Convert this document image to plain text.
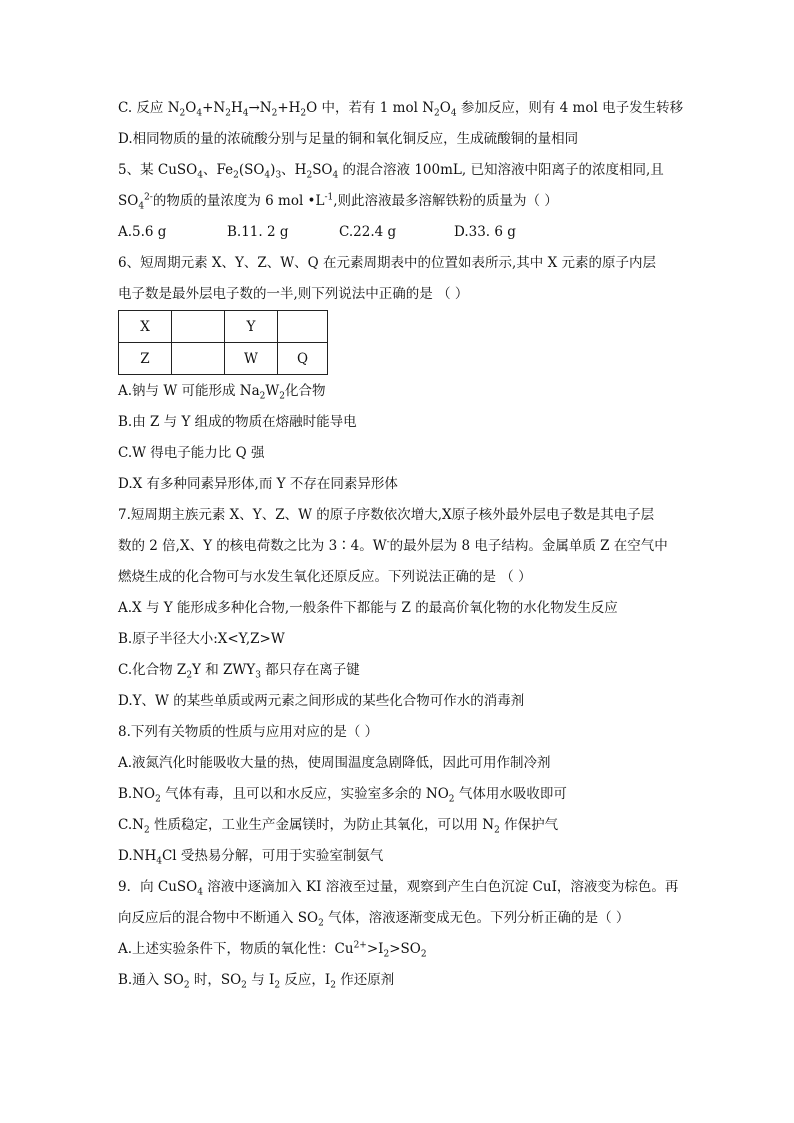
C. 反应 $N_2O_4+N_2H_4\to N_2+H_2O$ 中，若有 1 mol $N_2O_4$ 参加反应，则有 4 mol 电子发生转移
D.相同物质的量的浓硫酸分别与足量的铜和氧化铜反应，生成硫酸铜的量相同
5、某 CuSO$_4$、$Fe_2(SO_4)_3$、$H_2SO_4$ 的混合溶液 100mL, 已知溶液中阳离子的浓度相同,且
$SO_4^{2-}$的物质的量浓度为 6 mol $•L^{-1}$,则此溶液最多溶解铁粉的质量为（ ）
A.5.6 g	B.11. 2 g	C.22.4 g	D.33. 6 g
6、短周期元素 X、Y、Z、W、Q 在元素周期表中的位置如表所示,其中 X 元素的原子内层
电子数是最外层电子数的一半,则下列说法中正确的是 （ ）
X		Y	
Z		W	Q
A.钠与 W 可能形成 $Na_2W_2$化合物
B.由 Z 与 Y 组成的物质在熔融时能导电
C.W 得电子能力比 Q 强
D.X 有多种同素异形体,而 Y 不存在同素异形体
7.短周期主族元素 X、Y、Z、W 的原子序数依次增大,X原子核外最外层电子数是其电子层
数的 2 倍,X、Y 的核电荷数之比为 3∶4。W-的最外层为 8 电子结构。金属单质 Z 在空气中
燃烧生成的化合物可与水发生氧化还原反应。下列说法正确的是 （ ）
A.X 与 Y 能形成多种化合物,一般条件下都能与 Z 的最高价氧化物的水化物发生反应
B.原子半径大小:X<Y,Z>W
C.化合物 $Z_2Y$ 和 $ZWY_3$ 都只存在离子键
D.Y、W 的某些单质或两元素之间形成的某些化合物可作水的消毒剂
8.下列有关物质的性质与应用对应的是（ ）
A.液氮汽化时能吸收大量的热，使周围温度急剧降低，因此可用作制冷剂
$B.NO_2$ 气体有毒，且可以和水反应，实验室多余的 $NO_2$ 气体用水吸收即可
$C.N_2$ 性质稳定，工业生产金属镁时，为防止其氧化，可以用 $N_2$ 作保护气
$D.NH_4Cl$ 受热易分解，可用于实验室制氨气
9．向 CuSO$_4$ 溶液中逐滴加入 KI 溶液至过量，观察到产生白色沉淀 CuI，溶液变为棕色。再
向反应后的混合物中不断通入 $SO_2$ 气体，溶液逐渐变成无色。下列分析正确的是（ ）
A.上述实验条件下，物质的氧化性：$Cu^{2+}>I_2>SO_2$
B.通入 $SO_2$ 时，$SO_2$ 与 $I_2$ 反应，$I_2$ 作还原剂
